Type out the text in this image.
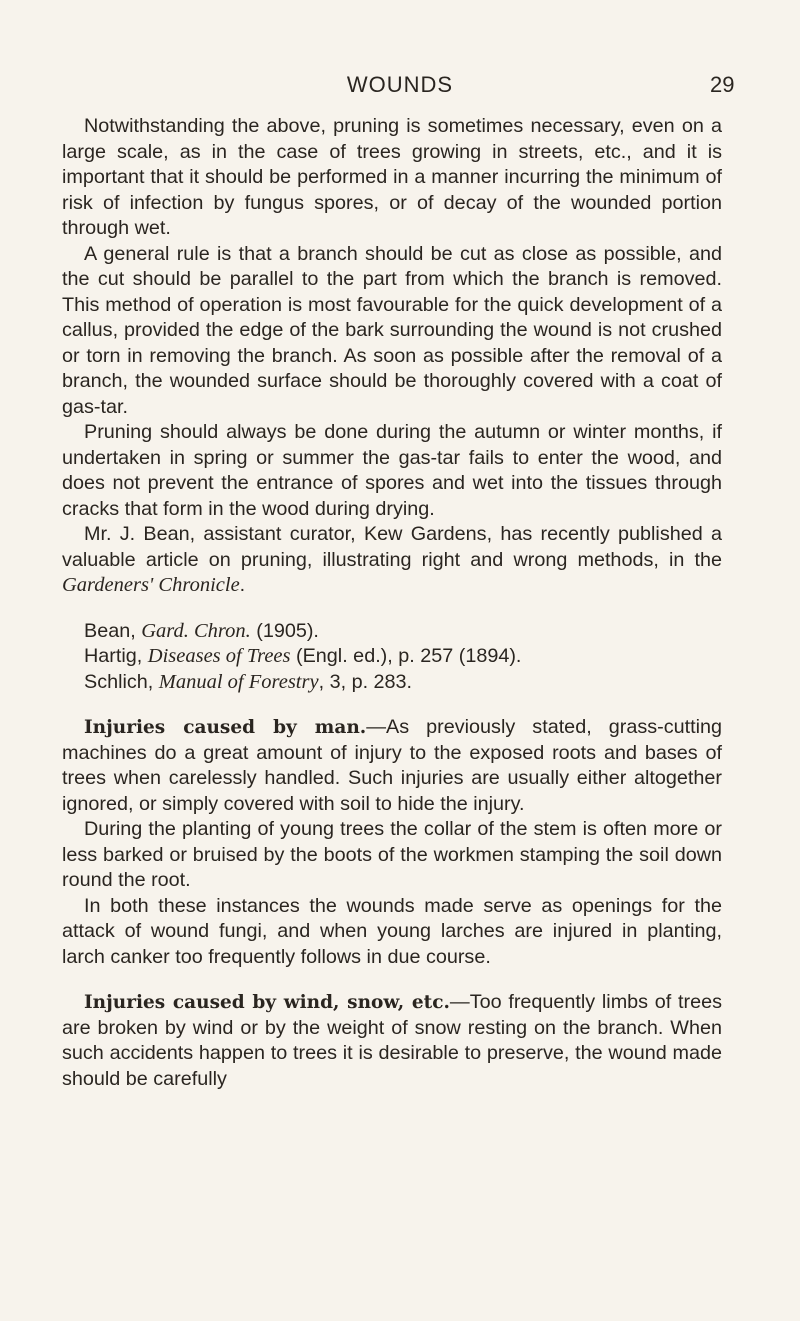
WOUNDS	29

Notwithstanding the above, pruning is sometimes necessary, even on a large scale, as in the case of trees growing in streets, etc., and it is important that it should be performed in a manner incurring the minimum of risk of infection by fungus spores, or of decay of the wounded portion through wet.

A general rule is that a branch should be cut as close as possible, and the cut should be parallel to the part from which the branch is removed. This method of operation is most favourable for the quick development of a callus, provided the edge of the bark surrounding the wound is not crushed or torn in removing the branch. As soon as possible after the removal of a branch, the wounded surface should be thoroughly covered with a coat of gas-tar.

Pruning should always be done during the autumn or winter months, if undertaken in spring or summer the gas-tar fails to enter the wood, and does not prevent the entrance of spores and wet into the tissues through cracks that form in the wood during drying.

Mr. J. Bean, assistant curator, Kew Gardens, has recently published a valuable article on pruning, illustrating right and wrong methods, in the Gardeners' Chronicle.

Bean, Gard. Chron. (1905).

Hartig, Diseases of Trees (Engl. ed.), p. 257 (1894).

Schlich, Manual of Forestry, 3, p. 283.

Injuries caused by man.—As previously stated, grass-cutting machines do a great amount of injury to the exposed roots and bases of trees when carelessly handled. Such injuries are usually either altogether ignored, or simply covered with soil to hide the injury.

During the planting of young trees the collar of the stem is often more or less barked or bruised by the boots of the workmen stamping the soil down round the root.

In both these instances the wounds made serve as openings for the attack of wound fungi, and when young larches are injured in planting, larch canker too frequently follows in due course.

Injuries caused by wind, snow, etc.—Too frequently limbs of trees are broken by wind or by the weight of snow resting on the branch. When such accidents happen to trees it is desirable to preserve, the wound made should be carefully
